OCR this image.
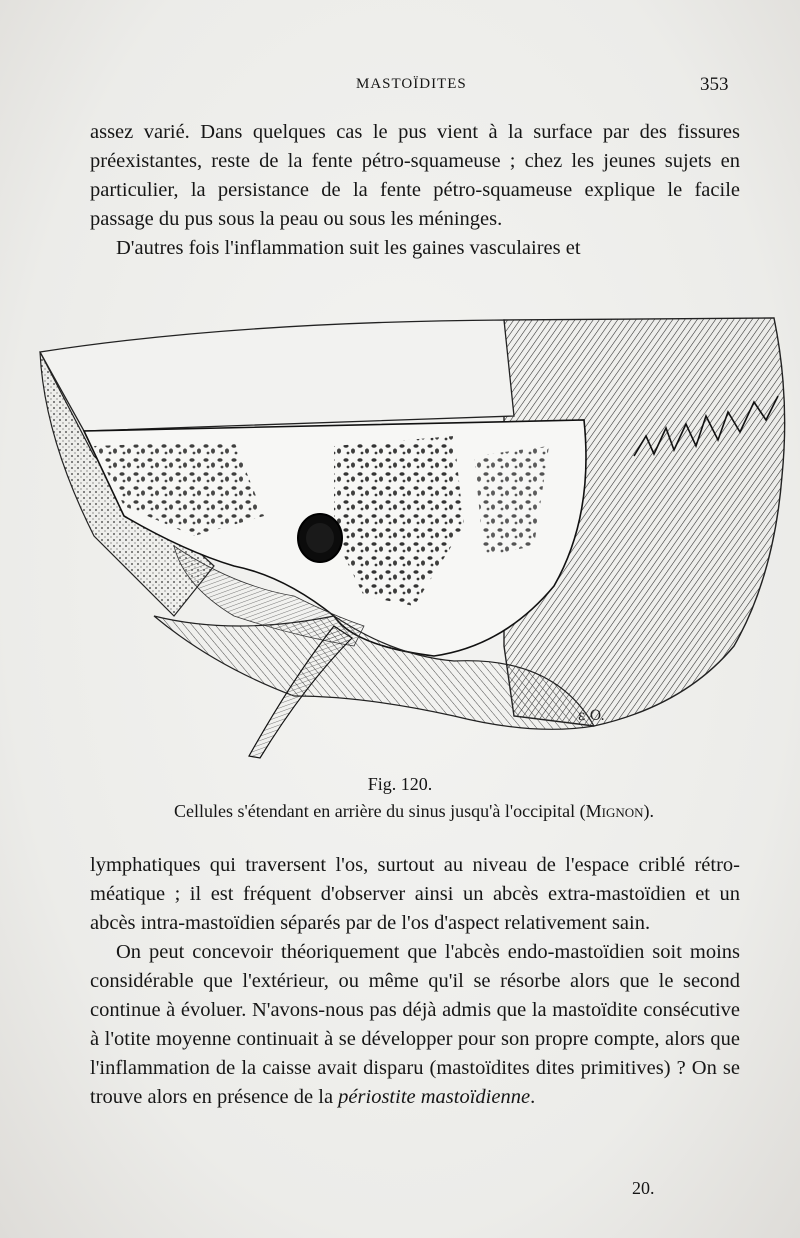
MASTOÏDITES	353

assez varié. Dans quelques cas le pus vient à la surface par des fissures préexistantes, reste de la fente pétro-squameuse ; chez les jeunes sujets en particulier, la persistance de la fente pétro-squameuse explique le facile passage du pus sous la peau ou sous les méninges.

D'autres fois l'inflammation suit les gaines vasculaires et

ε O.
Fig. 120.
Cellules s'étendant en arrière du sinus jusqu'à l'occipital (Mignon).

lymphatiques qui traversent l'os, surtout au niveau de l'espace criblé rétro-méatique ; il est fréquent d'observer ainsi un abcès extra-mastoïdien et un abcès intra-mastoïdien séparés par de l'os d'aspect relativement sain.

On peut concevoir théoriquement que l'abcès endo-mastoïdien soit moins considérable que l'extérieur, ou même qu'il se résorbe alors que le second continue à évoluer. N'avons-nous pas déjà admis que la mastoïdite consécutive à l'otite moyenne continuait à se développer pour son propre compte, alors que l'inflammation de la caisse avait disparu (mastoïdites dites primitives) ? On se trouve alors en présence de la périostite mastoïdienne.

20.
